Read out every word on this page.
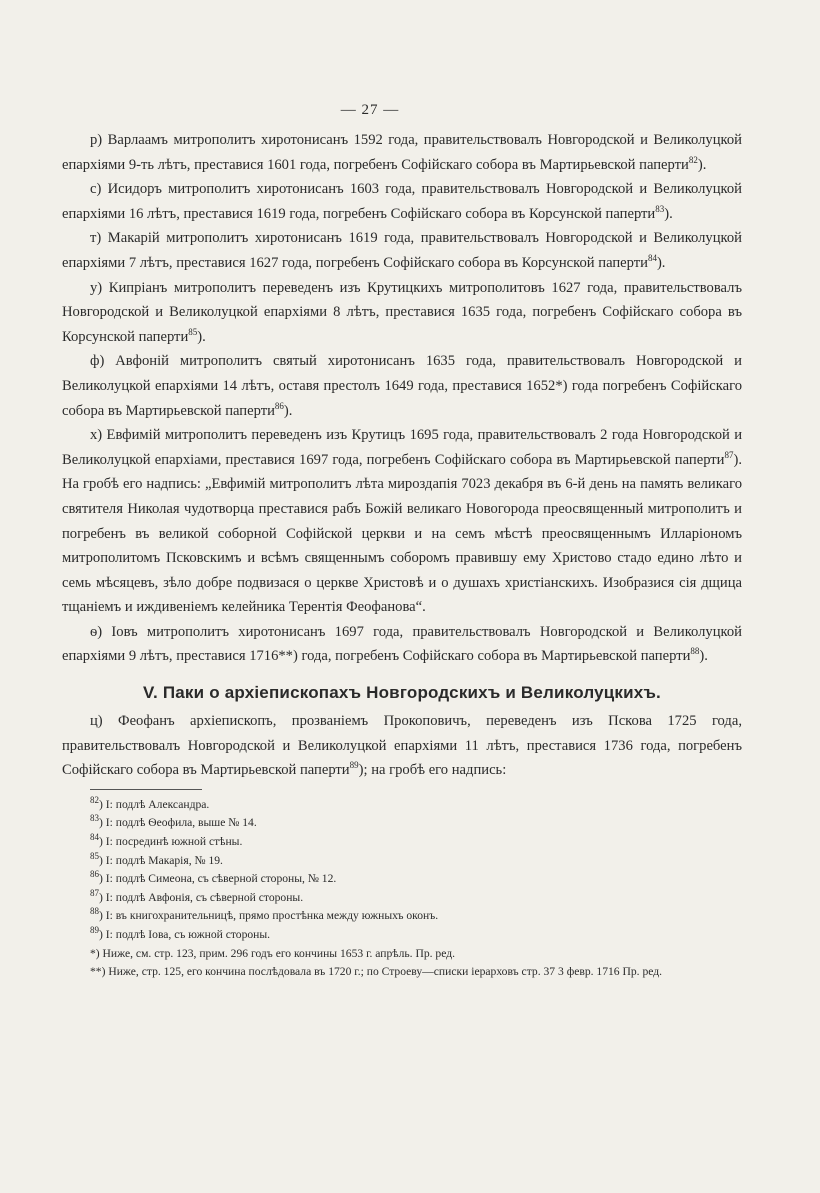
— 27 —

р) Варлаамъ митрополитъ хиротонисанъ 1592 года, правительствовалъ Новгородской и Великолуцкой епархіями 9-ть лѣтъ, преставися 1601 года, погребенъ Софійскаго собора въ Мартирьевской паперти$^{82}$).

с) Исидоръ митрополитъ хиротонисанъ 1603 года, правительствовалъ Новгородской и Великолуцкой епархіями 16 лѣтъ, преставися 1619 года, погребенъ Софійскаго собора въ Корсунской паперти$^{83}$).

т) Макарій митрополитъ хиротонисанъ 1619 года, правительствовалъ Новгородской и Великолуцкой епархіями 7 лѣтъ, преставися 1627 года, погребенъ Софійскаго собора въ Корсунской паперти$^{84}$).

у) Кипріанъ митрополитъ переведенъ изъ Крутицкихъ митрополитовъ 1627 года, правительствовалъ Новгородской и Великолуцкой епархіями 8 лѣтъ, преставися 1635 года, погребенъ Софійскаго собора въ Корсунской паперти$^{85}$).

ф) Авфоній митрополитъ святый хиротонисанъ 1635 года, правительствовалъ Новгородской и Великолуцкой епархіями 14 лѣтъ, оставя престолъ 1649 года, преставися 1652*) года погребенъ Софійскаго собора въ Мартирьевской паперти$^{86}$).

х) Евфимій митрополитъ переведенъ изъ Крутицъ 1695 года, правительствовалъ 2 года Новгородской и Великолуцкой епархіами, преставися 1697 года, погребенъ Софійскаго собора въ Мартирьевской паперти$^{87}$). На гробѣ его надпись: „Евфимій митрополитъ лѣта мироздапія 7023 декабря въ 6-й день на память великаго святителя Николая чудотворца преставися рабъ Божій великаго Новогорода преосвященный митрополитъ и погребенъ въ великой соборной Софійской церкви и на семъ мѣстѣ преосвященнымъ Илларіономъ митрополитомъ Псковскимъ и всѣмъ священнымъ соборомъ правившу ему Христово стадо едино лѣто и семь мѣсяцевъ, зѣло добре подвизася о церкве Христовѣ и о душахъ христіанскихъ. Изобразися сія дщица тщаніемъ и иждивеніемъ келейника Терентія Феофанова“.

ѳ) Іовъ митрополитъ хиротонисанъ 1697 года, правительствовалъ Новгородской и Великолуцкой епархіями 9 лѣтъ, преставися 1716**) года, погребенъ Софійскаго собора въ Мартирьевской паперти$^{88}$).

V. Паки о архіепископахъ Новгородскихъ и Великолуцкихъ.

ц) Феофанъ архіепископъ, прозваніемъ Прокоповичъ, переведенъ изъ Пскова 1725 года, правительствовалъ Новгородской и Великолуцкой епархіями 11 лѣтъ, преставися 1736 года, погребенъ Софійскаго собора въ Мартирьевской паперти$^{89}$); на гробѣ его надпись:

$^{82}$) I: подлѣ Александра.

$^{83}$) I: подлѣ Ѳеофила, выше № 14.

$^{84}$) I: посрединѣ южной стѣны.

$^{85}$) I: подлѣ Макарія, № 19.

$^{86}$) I: подлѣ Симеона, съ сѣверной стороны, № 12.

$^{87}$) I: подлѣ Авфонія, съ сѣверной стороны.

$^{88}$) I: въ книгохранительницѣ, прямо простѣнка между южныхъ оконъ.

$^{89}$) I: подлѣ Іова, съ южной стороны.

*) Ниже, см. стр. 123, прим. 296 годъ его кончины 1653 г. апрѣль. Пр. ред.

**) Ниже, стр. 125, его кончина послѣдовала въ 1720 г.; по Строеву—списки іерарховъ стр. 37 3 февр. 1716 Пр. ред.
